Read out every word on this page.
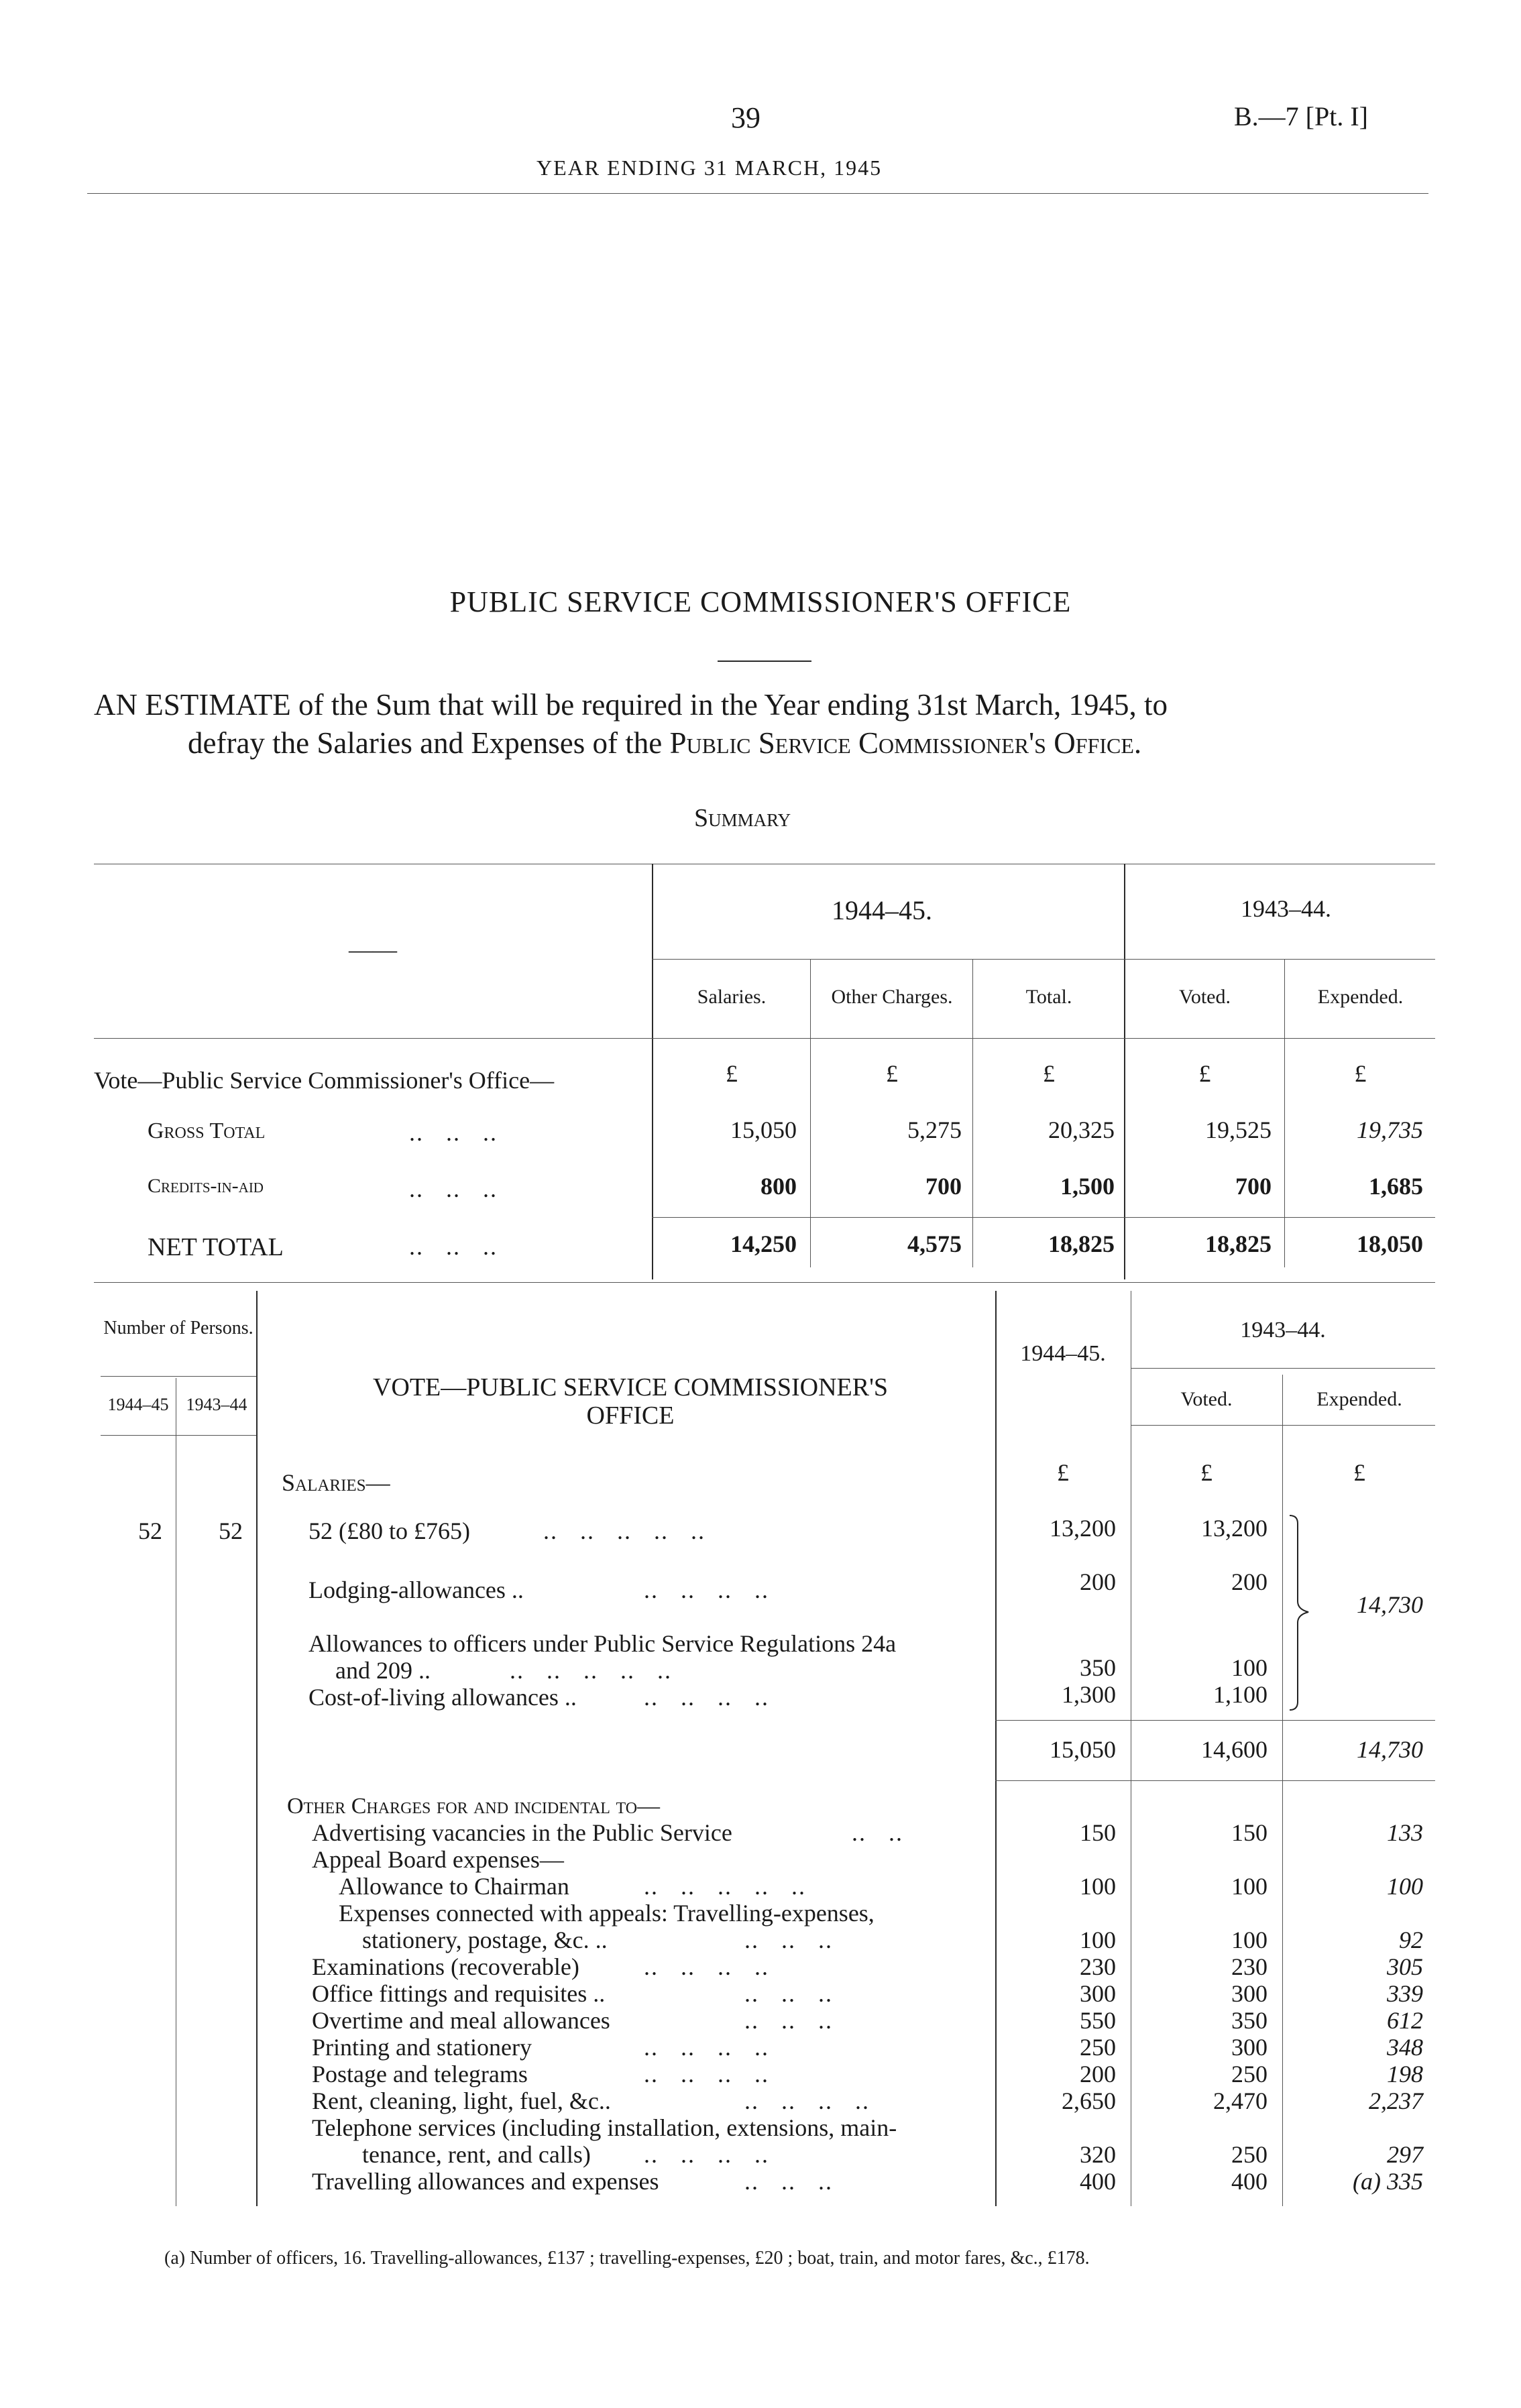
39	B.—7 [Pt. I]
YEAR ENDING 31 MARCH, 1945
PUBLIC SERVICE COMMISSIONER'S OFFICE
AN ESTIMATE of the Sum that will be required in the Year ending 31st March, 1945, to
defray the Salaries and Expenses of the Public Service Commissioner's Office.
Summary
——
1944–45.	1943–44.
Salaries.	Other Charges.	Total.	Voted.	Expended.
Vote—Public Service Commissioner's Office—	£	£	£	£	£
Gross Total	..   ..   ..	15,050	5,275	20,325	19,525	19,735
Credits-in-aid	..   ..   ..	800	700	1,500	700	1,685
NET TOTAL	..   ..   ..	14,250	4,575	18,825	18,825	18,050
Number of Persons.
1944–45	1943–44
VOTE—PUBLIC SERVICE COMMISSIONER'S
OFFICE
1944–45.
1943–44.
Voted.	Expended.
Salaries—	£	£	£
52	52	52 (£80 to £765)	..   ..   ..   ..   ..	13,200	13,200
Lodging-allowances ..	..   ..   ..   ..	200	200
Allowances to officers under Public Service Regulations 24a
and 209 ..	..   ..   ..   ..   ..	350	100
Cost-of-living allowances ..	..   ..   ..   ..	1,300	1,100
14,730
15,050	14,600	14,730
Other Charges for and incidental to—
Advertising vacancies in the Public Service	..   ..	150	150	133
Appeal Board expenses—
Allowance to Chairman	..   ..   ..   ..   ..	100	100	100
Expenses connected with appeals: Travelling-expenses,
stationery, postage, &c. ..	..   ..   ..	100	100	92
Examinations (recoverable)	..   ..   ..   ..	230	230	305
Office fittings and requisites ..	..   ..   ..	300	300	339
Overtime and meal allowances	..   ..   ..	550	350	612
Printing and stationery	..   ..   ..   ..	250	300	348
Postage and telegrams	..   ..   ..   ..	200	250	198
Rent, cleaning, light, fuel, &c..	..   ..   ..   ..	2,650	2,470	2,237
Telephone services (including installation, extensions, main-
tenance, rent, and calls) ..   ..   ..   ..	320	250	297
Travelling allowances and expenses	..   ..   ..	400	400	(a) 335
(a) Number of officers, 16. Travelling-allowances, £137 ; travelling-expenses, £20 ; boat, train, and motor fares, &c., £178.
